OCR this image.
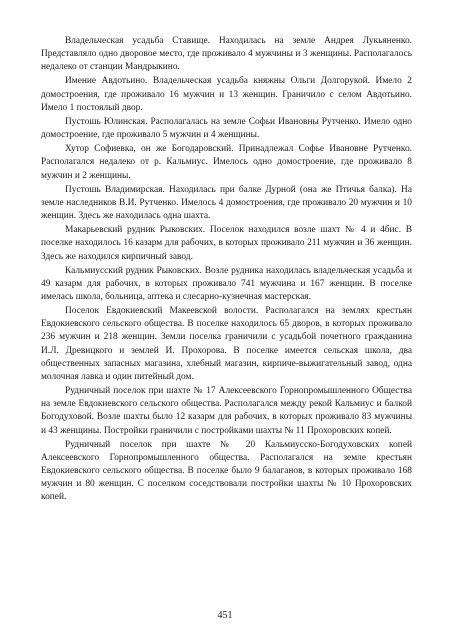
Владельческая усадьба Ставище. Находилась на земле Андрея Лукьяненко. Представляло одно дворовое место, где проживало 4 мужчины и 3 женщины. Располагалось недалеко от станции Мандрыкино.

Имение Авдотьино. Владельческая усадьба княжны Ольги Долгорукой. Имело 2 домостроения, где проживало 16 мужчин и 13 женщин. Граничило с селом Авдотьино. Имело 1 постоялый двор.

Пустошь Юлинская. Располагалась на земле Софьи Ивановны Рутченко. Имело одно домостроение, где проживало 5 мужчин и 4 женщины.

Хутор Софиевка, он же Богодаровский. Принадлежал Софье Ивановне Рутченко. Располагался недалеко от р. Кальмиус. Имелось одно домостроение, где проживало 8 мужчин и 2 женщины.

Пустошь Владимирская. Находилась при балке Дурной (она же Птичья балка). На земле наследников В.И. Рутченко. Имелось 4 домостроения, где проживало 20 мужчин и 10 женщин. Здесь же находилась одна шахта.

Макарьевский рудник Рыковских. Поселок находился возле шахт № 4 и 4бис. В поселке находилось 16 казарм для рабочих, в которых проживало 211 мужчин и 36 женщин. Здесь же находился кирпичный завод.

Кальмиусский рудник Рыковских. Возле рудника находилась владельческая усадьба и 49 казарм для рабочих, в которых проживало 741 мужчина и 167 женщин. В поселке имелась школа, больница, аптека и слесарно-кузнечная мастерская.

Поселок Евдокиевский Макеевской волости. Располагался на землях крестьян Евдокиевского сельского общества. В поселке находилось 65 дворов, в которых проживало 236 мужчин и 218 женщин. Земли поселка граничили с усадьбой почетного гражданина И.Л. Древицкого и землей И. Прохорова. В поселке имеется сельская школа, два общественных запасных магазина, хлебный магазин, кирпиче-выжигательный завод, одна молочная лавка и один питейный дом.

Рудничный поселок при шахте № 17 Алексеевского Горнопромышленного Общества на земле Евдокиевского сельского общества. Располагался между рекой Кальмиус и балкой Богодуховой. Возле шахты было 12 казарм для рабочих, в которых проживало 83 мужчины и 43 женщины. Постройки граничили с постройками шахты № 11 Прохоровских копей.

Рудничный поселок при шахте № 20 Кальмиусско-Богодуховских копей Алексеевского Горнопромышленного общества. Располагался на земле крестьян Евдокиевского сельского общества. В поселке было 9 балаганов, в которых проживало 168 мужчин и 80 женщин. С поселком соседствовали постройки шахты № 10 Прохоровских копей.

451
